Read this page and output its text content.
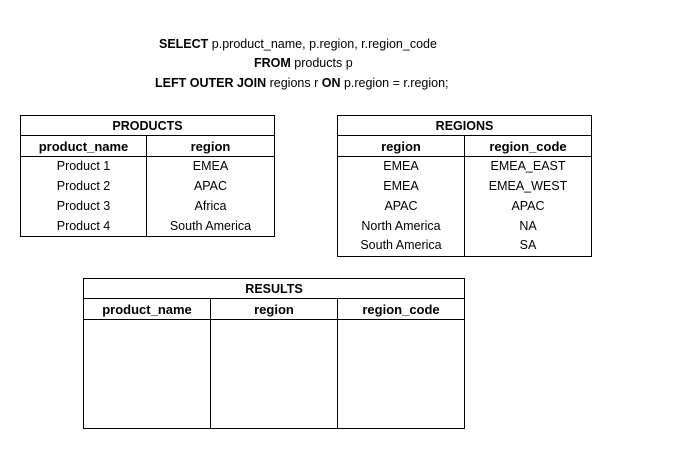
SELECT p.product_name, p.region, r.region_code
FROM products p
LEFT OUTER JOIN regions r ON p.region = r.region;
PRODUCTS	
product_name	region
Product 1	EMEA
Product 2	APAC
Product 3	Africa
Product 4	South America
REGIONS	
region	region_code
EMEA	EMEA_EAST
EMEA	EMEA_WEST
APAC	APAC
North America	NA
South America	SA
RESULTS		
product_name	region	region_code
